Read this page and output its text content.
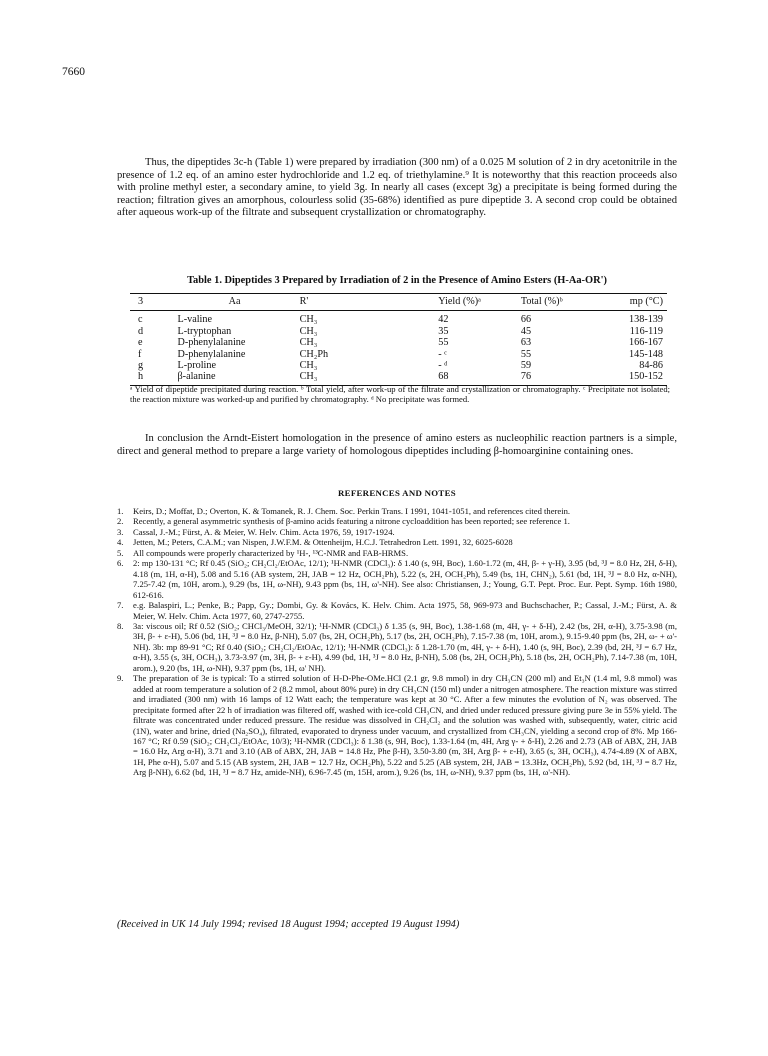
7660

Thus, the dipeptides 3c-h (Table 1) were prepared by irradiation (300 nm) of a 0.025 M solution of 2 in dry acetonitrile in the presence of 1.2 eq. of an amino ester hydrochloride and 1.2 eq. of triethylamine.⁹ It is noteworthy that this reaction proceeds also with proline methyl ester, a secondary amine, to yield 3g. In nearly all cases (except 3g) a precipitate is being formed during the reaction; filtration gives an amorphous, colourless solid (35-68%) identified as pure dipeptide 3. A second crop could be obtained after aqueous work-up of the filtrate and subsequent crystallization or chromatography.

Table 1. Dipeptides 3 Prepared by Irradiation of 2 in the Presence of Amino Esters (H-Aa-OR')

3	Aa	R'	Yield (%)ᵃ	Total (%)ᵇ	mp (°C)
c	L-valine	CH₃	42	66	138-139
d	L-tryptophan	CH₃	35	45	116-119
e	D-phenylalanine	CH₃	55	63	166-167
f	D-phenylalanine	CH₂Ph	- ᶜ	55	145-148
g	L-proline	CH₃	- ᵈ	59	84-86
h	β-alanine	CH₃	68	76	150-152

ᵃ Yield of dipeptide precipitated during reaction. ᵇ Total yield, after work-up of the filtrate and crystallization or chromatography. ᶜ Precipitate not isolated; the reaction mixture was worked-up and purified by chromatography. ᵈ No precipitate was formed.

In conclusion the Arndt-Eistert homologation in the presence of amino esters as nucleophilic reaction partners is a simple, direct and general method to prepare a large variety of homologous dipeptides including β-homoarginine containing ones.

REFERENCES AND NOTES
1. Keirs, D.; Moffat, D.; Overton, K. & Tomanek, R. J. Chem. Soc. Perkin Trans. I 1991, 1041-1051, and references cited therein.
2. Recently, a general asymmetric synthesis of β-amino acids featuring a nitrone cycloaddition has been reported; see reference 1.
3. Cassal, J.-M.; Fürst, A. & Meier, W. Helv. Chim. Acta 1976, 59, 1917-1924.
4. Jetten, M.; Peters, C.A.M.; van Nispen, J.W.F.M. & Ottenheijm, H.C.J. Tetrahedron Lett. 1991, 32, 6025-6028
5. All compounds were properly characterized by ¹H-, ¹³C-NMR and FAB-HRMS.
6. 2: mp 130-131 °C; Rf 0.45 (SiO₂; CH₂Cl₂/EtOAc, 12/1); ¹H-NMR (CDCl₃): δ 1.40 (s, 9H, Boc), 1.60-1.72 (m, 4H, β- + γ-H), 3.95 (bd, ³J = 8.0 Hz, 2H, δ-H), 4.18 (m, 1H, α-H), 5.08 and 5.16 (AB system, 2H, JAB = 12 Hz, OCH₂Ph), 5.22 (s, 2H, OCH₂Ph), 5.49 (bs, 1H, CHN₂), 5.61 (bd, 1H, ³J = 8.0 Hz, α-NH), 7.25-7.42 (m, 10H, arom.), 9.29 (bs, 1H, ω-NH), 9.43 ppm (bs, 1H, ω'-NH). See also: Christiansen, J.; Young, G.T. Pept. Proc. Eur. Pept. Symp. 16th 1980, 612-616.
7. e.g. Balaspiri, L.; Penke, B.; Papp, Gy.; Dombi, Gy. & Kovács, K. Helv. Chim. Acta 1975, 58, 969-973 and Buchschacher, P.; Cassal, J.-M.; Fürst, A. & Meier, W. Helv. Chim. Acta 1977, 60, 2747-2755.
8. 3a: viscous oil; Rf 0.52 (SiO₂; CHCl₃/MeOH, 32/1); ¹H-NMR (CDCl₃) δ 1.35 (s, 9H, Boc), 1.38-1.68 (m, 4H, γ- + δ-H), 2.42 (bs, 2H, α-H), 3.75-3.98 (m, 3H, β- + ε-H), 5.06 (bd, 1H, ³J = 8.0 Hz, β-NH), 5.07 (bs, 2H, OCH₂Ph), 5.17 (bs, 2H, OCH₂Ph), 7.15-7.38 (m, 10H, arom.), 9.15-9.40 ppm (bs, 2H, ω- + ω'-NH). 3b: mp 89-91 °C; Rf 0.40 (SiO₂; CH₂Cl₂/EtOAc, 12/1); ¹H-NMR (CDCl₃): δ 1.28-1.70 (m, 4H, γ- + δ-H), 1.40 (s, 9H, Boc), 2.39 (bd, 2H, ³J = 6.7 Hz, α-H), 3.55 (s, 3H, OCH₃), 3.73-3.97 (m, 3H, β- + ε-H), 4.99 (bd, 1H, ³J = 8.0 Hz, β-NH), 5.08 (bs, 2H, OCH₂Ph), 5.18 (bs, 2H, OCH₂Ph), 7.14-7.38 (m, 10H, arom.), 9.20 (bs, 1H, ω-NH), 9.37 ppm (bs, 1H, ω' NH).
9. The preparation of 3e is typical: To a stirred solution of H-D-Phe-OMe.HCl (2.1 gr, 9.8 mmol) in dry CH₃CN (200 ml) and Et₃N (1.4 ml, 9.8 mmol) was added at room temperature a solution of 2 (8.2 mmol, about 80% pure) in dry CH₃CN (150 ml) under a nitrogen atmosphere. The reaction mixture was stirred and irradiated (300 nm) with 16 lamps of 12 Watt each; the temperature was kept at 30 °C. After a few minutes the evolution of N₂ was observed. The precipitate formed after 22 h of irradiation was filtered off, washed with ice-cold CH₃CN, and dried under reduced pressure giving pure 3e in 55% yield. The filtrate was concentrated under reduced pressure. The residue was dissolved in CH₂Cl₂ and the solution was washed with, subsequently, water, citric acid (1N), water and brine, dried (Na₂SO₄), filtrated, evaporated to dryness under vacuum, and crystallized from CH₃CN, yielding a second crop of 8%. Mp 166-167 °C; Rf 0.59 (SiO₂; CH₂Cl₂/EtOAc, 10/3); ¹H-NMR (CDCl₃): δ 1.38 (s, 9H, Boc), 1.33-1.64 (m, 4H, Arg γ- + δ-H), 2.26 and 2.73 (AB of ABX, 2H, JAB = 16.0 Hz, Arg α-H), 3.71 and 3.10 (AB of ABX, 2H, JAB = 14.8 Hz, Phe β-H), 3.50-3.80 (m, 3H, Arg β- + ε-H), 3.65 (s, 3H, OCH₃), 4.74-4.89 (X of ABX, 1H, Phe α-H), 5.07 and 5.15 (AB system, 2H, JAB = 12.7 Hz, OCH₂Ph), 5.22 and 5.25 (AB system, 2H, JAB = 13.3Hz, OCH₂Ph), 5.92 (bd, 1H, ³J = 8.7 Hz, Arg β-NH), 6.62 (bd, 1H, ³J = 8.7 Hz, amide-NH), 6.96-7.45 (m, 15H, arom.), 9.26 (bs, 1H, ω-NH), 9.37 ppm (bs, 1H, ω'-NH).

(Received in UK 14 July 1994; revised 18 August 1994; accepted 19 August 1994)
